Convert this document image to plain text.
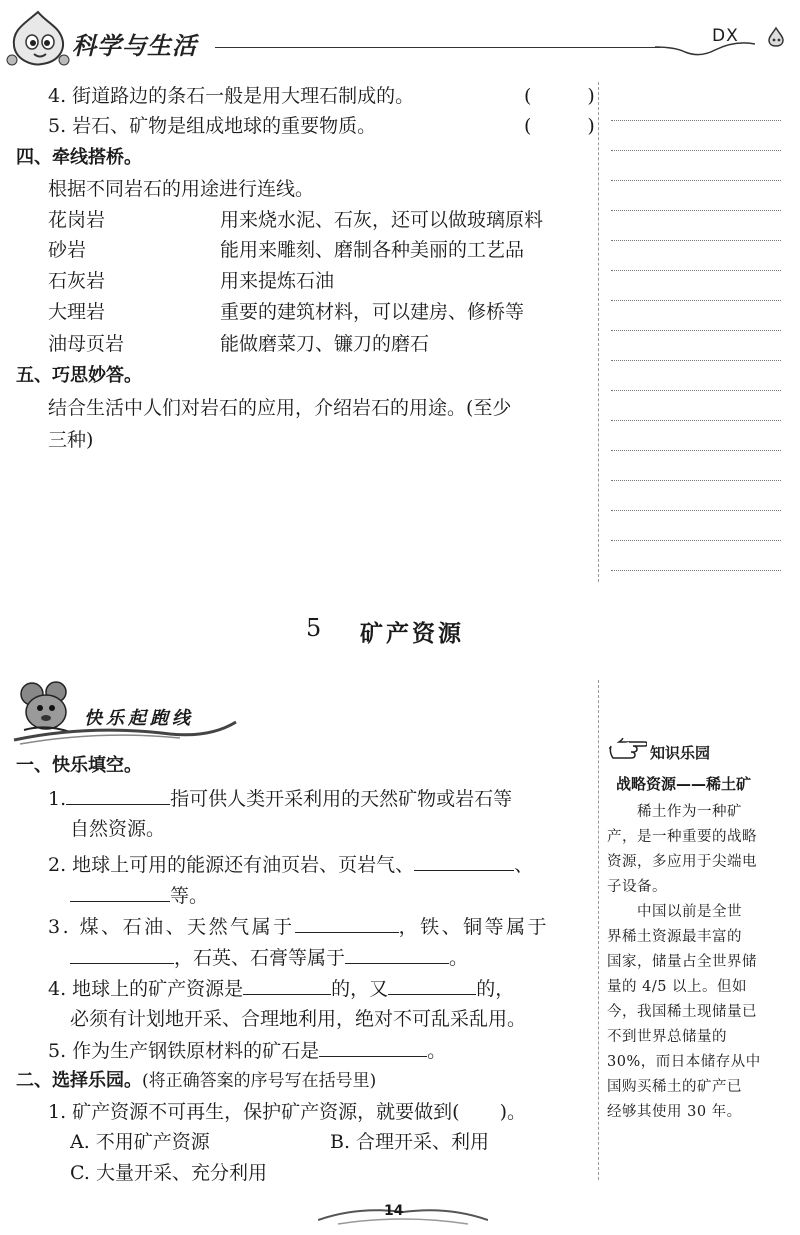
科学与生活	DX
4. 街道路边的条石一般是用大理石制成的。	(　　)
5. 岩石、矿物是组成地球的重要物质。	(　　)
四、牵线搭桥。
根据不同岩石的用途进行连线。
花岗岩	用来烧水泥、石灰，还可以做玻璃原料
砂岩	能用来雕刻、磨制各种美丽的工艺品
石灰岩	用来提炼石油
大理岩	重要的建筑材料，可以建房、修桥等
油母页岩	能做磨菜刀、镰刀的磨石
五、巧思妙答。
结合生活中人们对岩石的应用，介绍岩石的用途。(至少
三种)
5 矿产资源
快乐起跑线
一、快乐填空。
1.	指可供人类开采利用的天然矿物或岩石等
自然资源。
2. 地球上可用的能源还有油页岩、页岩气、	、
等。
3. 煤、石油、天然气属于	，铁、铜等属于
，石英、石膏等属于	。
4. 地球上的矿产资源是	的，又	的，
必须有计划地开采、合理地利用，绝对不可乱采乱用。
5. 作为生产钢铁原材料的矿石是	。
二、选择乐园。(将正确答案的序号写在括号里)
1. 矿产资源不可再生，保护矿产资源，就要做到( )。
A. 不用矿产资源	B. 合理开采、利用
C. 大量开采、充分利用
知识乐园
战略资源——稀土矿
　　稀土作为一种矿
产，是一种重要的战略
资源，多应用于尖端电
子设备。
　　中国以前是全世
界稀土资源最丰富的
国家，储量占全世界储
量的 4/5 以上。但如
今，我国稀土现储量已
不到世界总储量的
30%，而日本储存从中
国购买稀土的矿产已
经够其使用 30 年。
14
